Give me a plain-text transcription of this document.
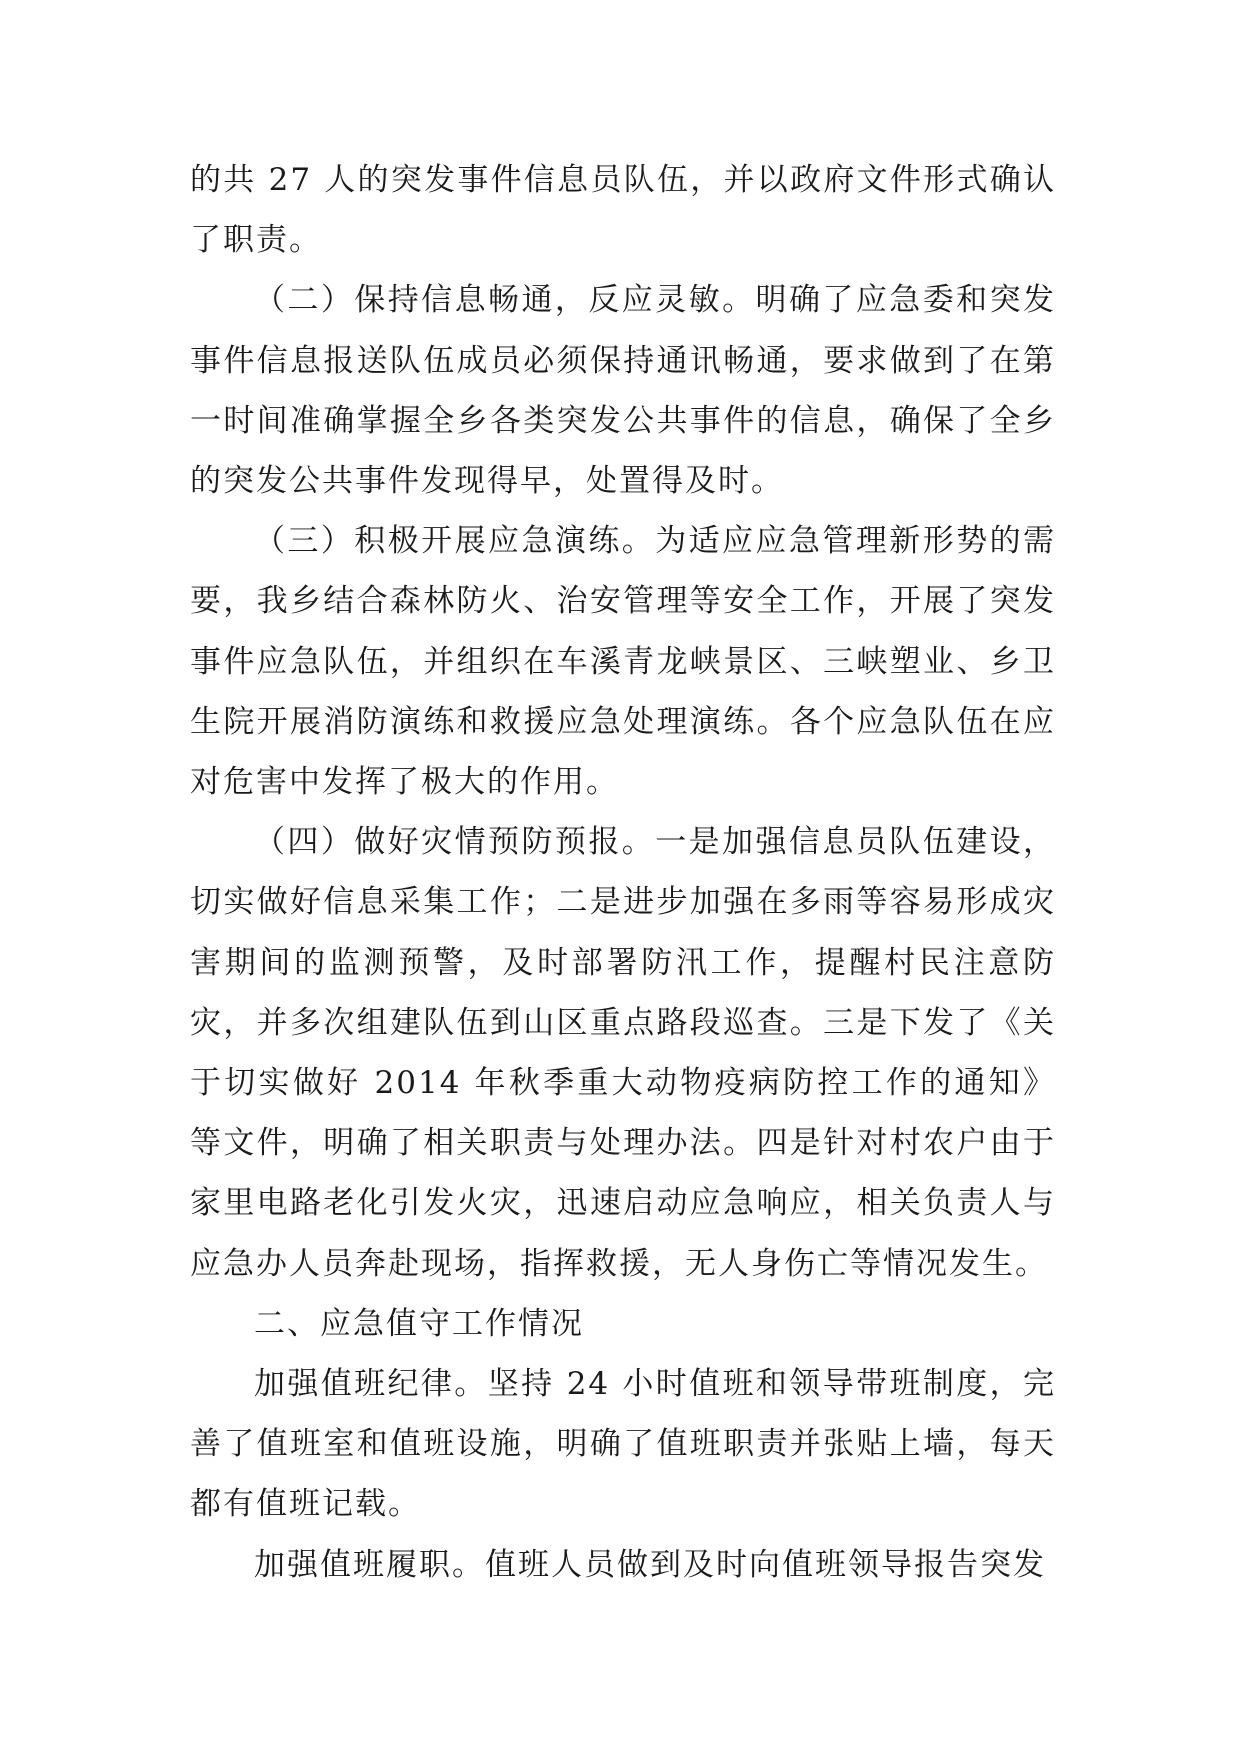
的共 27 人的突发事件信息员队伍，并以政府文件形式确认了职责。

（二）保持信息畅通，反应灵敏。明确了应急委和突发事件信息报送队伍成员必须保持通讯畅通，要求做到了在第一时间准确掌握全乡各类突发公共事件的信息，确保了全乡的突发公共事件发现得早，处置得及时。

（三）积极开展应急演练。为适应应急管理新形势的需要，我乡结合森林防火、治安管理等安全工作，开展了突发事件应急队伍，并组织在车溪青龙峡景区、三峡塑业、乡卫生院开展消防演练和救援应急处理演练。各个应急队伍在应对危害中发挥了极大的作用。

（四）做好灾情预防预报。一是加强信息员队伍建设，切实做好信息采集工作；二是进步加强在多雨等容易形成灾害期间的监测预警，及时部署防汛工作，提醒村民注意防灾，并多次组建队伍到山区重点路段巡查。三是下发了《关于切实做好 2014 年秋季重大动物疫病防控工作的通知》等文件，明确了相关职责与处理办法。四是针对村农户由于家里电路老化引发火灾，迅速启动应急响应，相关负责人与应急办人员奔赴现场，指挥救援，无人身伤亡等情况发生。

二、应急值守工作情况

加强值班纪律。坚持 24 小时值班和领导带班制度，完善了值班室和值班设施，明确了值班职责并张贴上墙，每天都有值班记载。

加强值班履职。值班人员做到及时向值班领导报告突发
